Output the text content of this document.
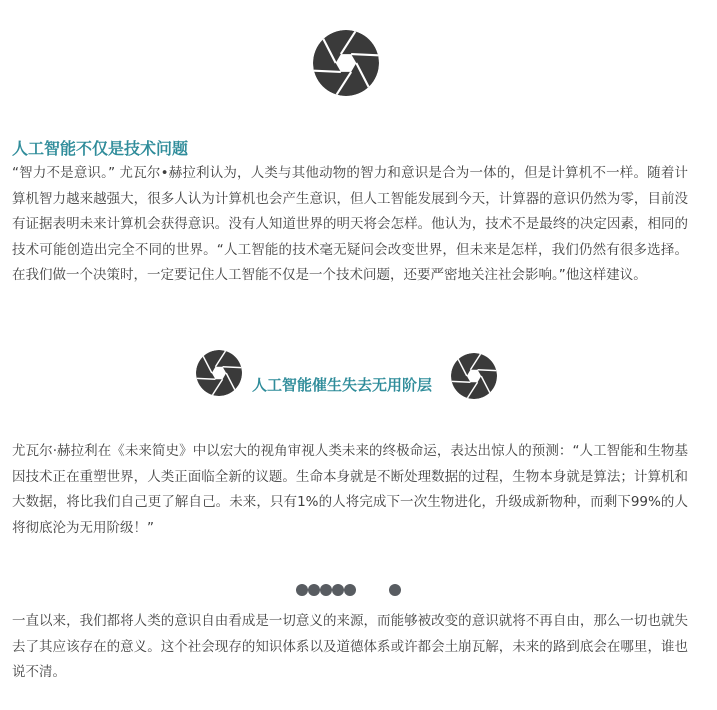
人工智能不仅是技术问题

“智力不是意识。” 尤瓦尔•赫拉利认为，人类与其他动物的智力和意识是合为一体的，但是计算机不一样。随着计算机智力越来越强大，很多人认为计算机也会产生意识，但人工智能发展到今天，计算器的意识仍然为零，目前没有证据表明未来计算机会获得意识。没有人知道世界的明天将会怎样。他认为，技术不是最终的决定因素，相同的技术可能创造出完全不同的世界。“人工智能的技术毫无疑问会改变世界，但未来是怎样，我们仍然有很多选择。在我们做一个决策时，一定要记住人工智能不仅是一个技术问题，还要严密地关注社会影响。”他这样建议。

人工智能催生失去无用阶层

尤瓦尔·赫拉利在《未来简史》中以宏大的视角审视人类未来的终极命运，表达出惊人的预测：“人工智能和生物基因技术正在重塑世界，人类正面临全新的议题。生命本身就是不断处理数据的过程，生物本身就是算法；计算机和大数据，将比我们自己更了解自己。未来，只有1%的人将完成下一次生物进化，升级成新物种，而剩下99%的人将彻底沦为无用阶级！”

一直以来，我们都将人类的意识自由看成是一切意义的来源，而能够被改变的意识就将不再自由，那么一切也就失去了其应该存在的意义。这个社会现存的知识体系以及道德体系或许都会土崩瓦解，未来的路到底会在哪里，谁也说不清。
